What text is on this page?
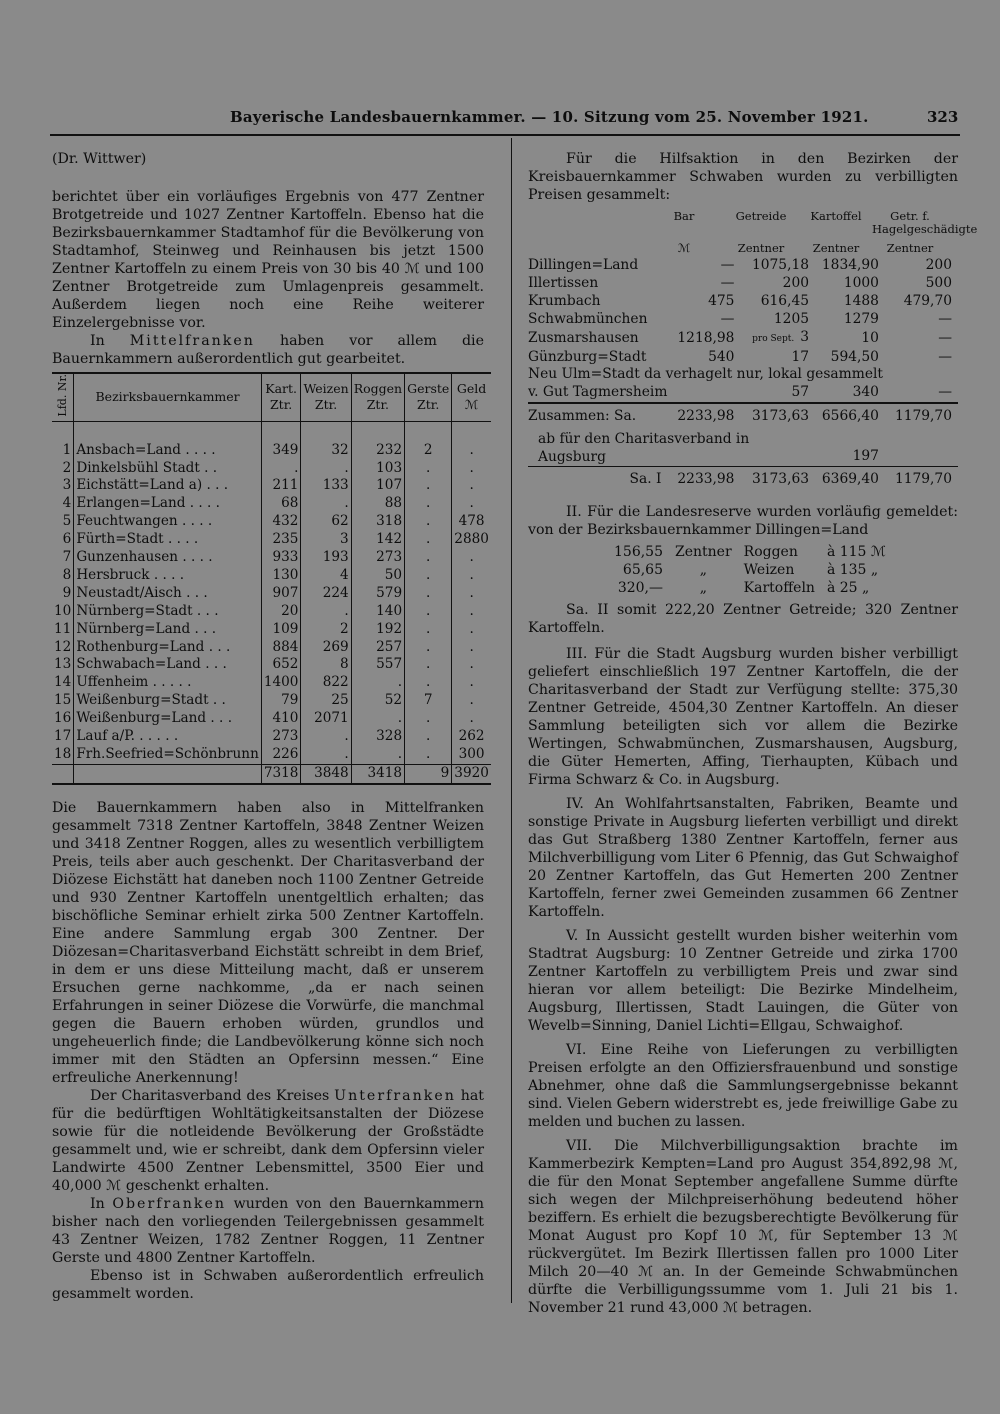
Bayerische Landesbauernkammer. — 10. Sitzung vom 25. November 1921.	323

(Dr. Wittwer)

berichtet über ein vorläufiges Ergebnis von 477 Zentner Brotgetreide und 1027 Zentner Kartoffeln. Ebenso hat die Bezirksbauernkammer Stadtamhof für die Bevölkerung von Stadtamhof, Steinweg und Reinhausen bis jetzt 1500 Zentner Kartoffeln zu einem Preis von 30 bis 40 ℳ und 100 Zentner Brotgetreide zum Umlagenpreis gesammelt. Außerdem liegen noch eine Reihe weiterer Einzelergebnisse vor.

In Mittelfranken haben vor allem die Bauernkammern außerordentlich gut gearbeitet.

Lfd. Nr.	Bezirksbauernkammer	Kart. Ztr.	Weizen Ztr.	Roggen Ztr.	Gerste Ztr.	Geld ℳ
1	Ansbach=Land . . . .	349	32	232	2	.
2	Dinkelsbühl Stadt . .	.	.	103	.	.
3	Eichstätt=Land a) . . .	211	133	107	.	.
4	Erlangen=Land . . . .	68	.	88	.	.
5	Feuchtwangen . . . .	432	62	318	.	478
6	Fürth=Stadt . . . .	235	3	142	.	2880
7	Gunzenhausen . . . .	933	193	273	.	.
8	Hersbruck . . . .	130	4	50	.	.
9	Neustadt/Aisch . . .	907	224	579	.	.
10	Nürnberg=Stadt . . .	20	.	140	.	.
11	Nürnberg=Land . . .	109	2	192	.	.
12	Rothenburg=Land . . .	884	269	257	.	.
13	Schwabach=Land . . .	652	8	557	.	.
14	Uffenheim . . . . .	1400	822	.	.	.
15	Weißenburg=Stadt . .	79	25	52	7	.
16	Weißenburg=Land . . .	410	2071	.	.	.
17	Lauf a/P. . . . . .	273	.	328	.	262
18	Frh.Seefried=Schönbrunn	226	.	.	.	300
		7318	3848	3418	9	3920

Die Bauernkammern haben also in Mittelfranken gesammelt 7318 Zentner Kartoffeln, 3848 Zentner Weizen und 3418 Zentner Roggen, alles zu wesentlich verbilligtem Preis, teils aber auch geschenkt. Der Charitasverband der Diözese Eichstätt hat daneben noch 1100 Zentner Getreide und 930 Zentner Kartoffeln unentgeltlich erhalten; das bischöfliche Seminar erhielt zirka 500 Zentner Kartoffeln. Eine andere Sammlung ergab 300 Zentner. Der Diözesan=Charitasverband Eichstätt schreibt in dem Brief, in dem er uns diese Mitteilung macht, daß er unserem Ersuchen gerne nachkomme, „da er nach seinen Erfahrungen in seiner Diözese die Vorwürfe, die manchmal gegen die Bauern erhoben würden, grundlos und ungeheuerlich finde; die Landbevölkerung könne sich noch immer mit den Städten an Opfersinn messen.“ Eine erfreuliche Anerkennung!

Der Charitasverband des Kreises Unterfranken hat für die bedürftigen Wohltätigkeitsanstalten der Diözese sowie für die notleidende Bevölkerung der Großstädte gesammelt und, wie er schreibt, dank dem Opfersinn vieler Landwirte 4500 Zentner Lebensmittel, 3500 Eier und 40,000 ℳ geschenkt erhalten.

In Oberfranken wurden von den Bauernkammern bisher nach den vorliegenden Teilergebnissen gesammelt 43 Zentner Weizen, 1782 Zentner Roggen, 11 Zentner Gerste und 4800 Zentner Kartoffeln.

Ebenso ist in Schwaben außerordentlich erfreulich gesammelt worden.

Für die Hilfsaktion in den Bezirken der Kreisbauernkammer Schwaben wurden zu verbilligten Preisen gesammelt:

Bar	Getreide	Kartoffel	Getr. f. Hagelgeschädigte
ℳ	Zentner	Zentner	Zentner
Dillingen=Land	—	1075,18	1834,90	200
Illertissen	—	200	1000	500
Krumbach	475	616,45	1488	479,70
Schwabmünchen	—	1205	1279	—
Zusmarshausen	1218,98	pro Sept. 3	10	—
Günzburg=Stadt	540	17	594,50	—
Neu Ulm=Stadt da verhagelt nur, lokal gesammelt				
v. Gut Tagmersheim		57	340	—
Zusammen: Sa.	2233,98	3173,63	6566,40	1179,70
ab für den Charitasverband in Augsburg			197	
Sa. I	2233,98	3173,63	6369,40	1179,70

II. Für die Landesreserve wurden vorläufig gemeldet: von der Bezirksbauernkammer Dillingen=Land

156,55	Zentner	Roggen	à 115 ℳ
65,65	„	Weizen	à 135 „
320,—	„	Kartoffeln	à 25 „

Sa. II somit 222,20 Zentner Getreide; 320 Zentner Kartoffeln.

III. Für die Stadt Augsburg wurden bisher verbilligt geliefert einschließlich 197 Zentner Kartoffeln, die der Charitasverband der Stadt zur Verfügung stellte: 375,30 Zentner Getreide, 4504,30 Zentner Kartoffeln. An dieser Sammlung beteiligten sich vor allem die Bezirke Wertingen, Schwabmünchen, Zusmarshausen, Augsburg, die Güter Hemerten, Affing, Tierhaupten, Kübach und Firma Schwarz & Co. in Augsburg.

IV. An Wohlfahrtsanstalten, Fabriken, Beamte und sonstige Private in Augsburg lieferten verbilligt und direkt das Gut Straßberg 1380 Zentner Kartoffeln, ferner aus Milchverbilligung vom Liter 6 Pfennig, das Gut Schwaighof 20 Zentner Kartoffeln, das Gut Hemerten 200 Zentner Kartoffeln, ferner zwei Gemeinden zusammen 66 Zentner Kartoffeln.

V. In Aussicht gestellt wurden bisher weiterhin vom Stadtrat Augsburg: 10 Zentner Getreide und zirka 1700 Zentner Kartoffeln zu verbilligtem Preis und zwar sind hieran vor allem beteiligt: Die Bezirke Mindelheim, Augsburg, Illertissen, Stadt Lauingen, die Güter von Wevelb=Sinning, Daniel Lichti=Ellgau, Schwaighof.

VI. Eine Reihe von Lieferungen zu verbilligten Preisen erfolgte an den Offiziersfrauenbund und sonstige Abnehmer, ohne daß die Sammlungsergebnisse bekannt sind. Vielen Gebern widerstrebt es, jede freiwillige Gabe zu melden und buchen zu lassen.

VII. Die Milchverbilligungsaktion brachte im Kammerbezirk Kempten=Land pro August 354,892,98 ℳ, die für den Monat September angefallene Summe dürfte sich wegen der Milchpreiserhöhung bedeutend höher beziffern. Es erhielt die bezugsberechtigte Bevölkerung für Monat August pro Kopf 10 ℳ, für September 13 ℳ rückvergütet. Im Bezirk Illertissen fallen pro 1000 Liter Milch 20—40 ℳ an. In der Gemeinde Schwabmünchen dürfte die Verbilligungssumme vom 1. Juli 21 bis 1. November 21 rund 43,000 ℳ betragen.
